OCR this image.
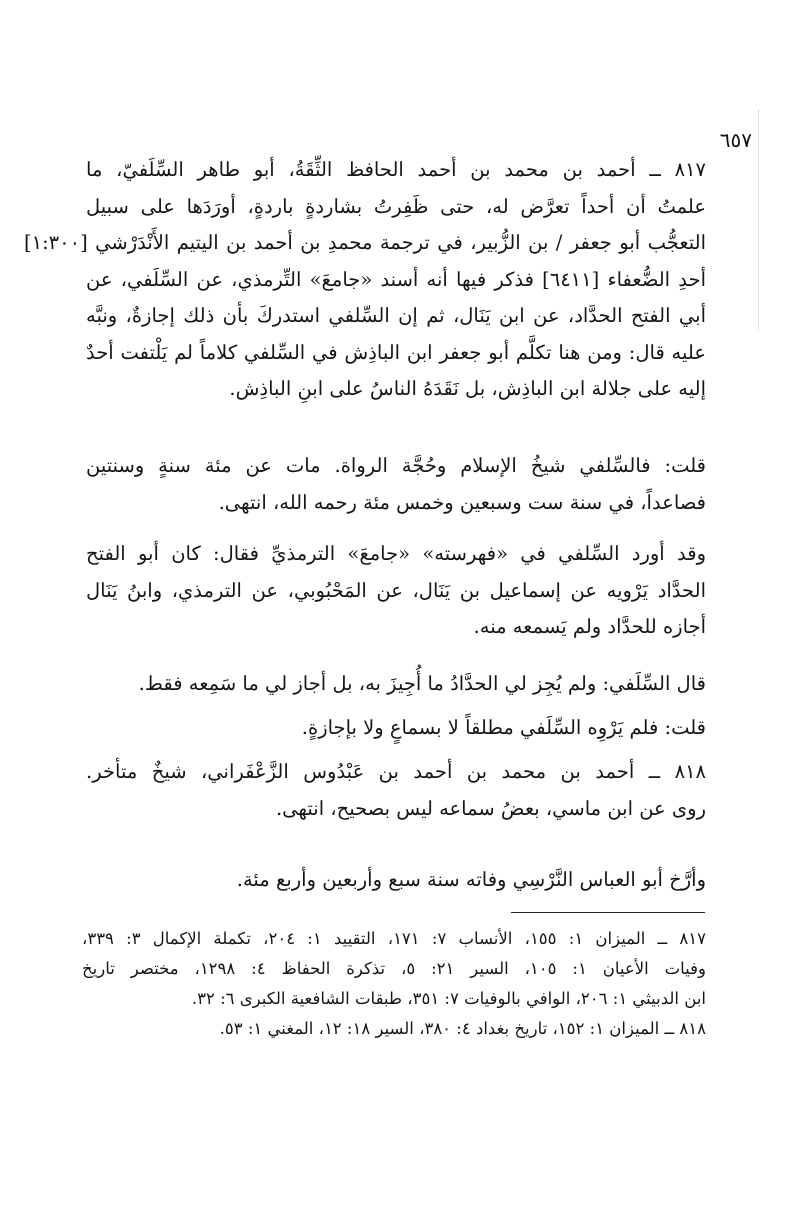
٦٥٧

٨١٧ ــ أحمد بن محمد بن أحمد الحافظ الثِّقَةُ، أبو طاهر السِّلَفيّ، ما
علمتُ أن أحداً تعرَّض له، حتى ظَفِرتُ بشاردةٍ باردةٍ، أورَدَها على سبيل
التعجُّب أبو جعفر / بن الزُّبير، في ترجمة محمدِ بن أحمد بن اليتيم الأَنْدَرْشي [١:٣٠٠]
أحدِ الضُّعفاء [٦٤١١] فذكر فيها أنه أسند «جامعَ» التِّرمذي، عن السِّلَفي، عن
أبي الفتح الحدَّاد، عن ابن يَنَال، ثم إن السِّلفي استدركَ بأن ذلك إجازةٌ، ونبَّه
عليه قال: ومن هنا تكلَّم أبو جعفر ابن الباذِش في السِّلفي كلاماً لم يَلْتفت أحدٌ
إليه على جلالة ابن الباذِش، بل نَقَدَهُ الناسُ على ابنِ الباذِش.

قلت: فالسِّلفي شيخُ الإسلام وحُجَّة الرواة. مات عن مئة سنةٍ وسنتين
فصاعداً، في سنة ست وسبعين وخمس مئة رحمه الله، انتهى.

وقد أورد السِّلفي في «فهرسته» «جامعَ» الترمذيِّ فقال: كان أبو الفتح
الحدَّاد يَرْويه عن إسماعيل بن يَنَال، عن المَحْبُوبي، عن الترمذي، وابنُ يَنَال
أجازه للحدَّاد ولم يَسمعه منه.

قال السِّلَفي: ولم يُجِز لي الحدَّادُ ما أُجِيزَ به، بل أجاز لي ما سَمِعه فقط.

قلت: فلم يَرْوِه السِّلَفي مطلقاً لا بسماعٍ ولا بإجازةٍ.

٨١٨ ــ أحمد بن محمد بن أحمد بن عَبْدُوس الزَّعْفَراني، شيخٌ متأخر.
روى عن ابن ماسي، بعضُ سماعه ليس بصحيح، انتهى.

وأرَّخ أبو العباس النَّرْسِي وفاته سنة سبع وأربعين وأربع مئة.

٨١٧ ــ الميزان ١: ١٥٥، الأنساب ٧: ١٧١، التقييد ١: ٢٠٤، تكملة الإكمال ٣: ٣٣٩،
وفيات الأعيان ١: ١٠٥، السير ٢١: ٥، تذكرة الحفاظ ٤: ١٢٩٨، مختصر تاريخ
ابن الدبيثي ١: ٢٠٦، الوافي بالوفيات ٧: ٣٥١، طبقات الشافعية الكبرى ٦: ٣٢.
٨١٨ ــ الميزان ١: ١٥٢، تاريخ بغداد ٤: ٣٨٠، السير ١٨: ١٢، المغني ١: ٥٣.
